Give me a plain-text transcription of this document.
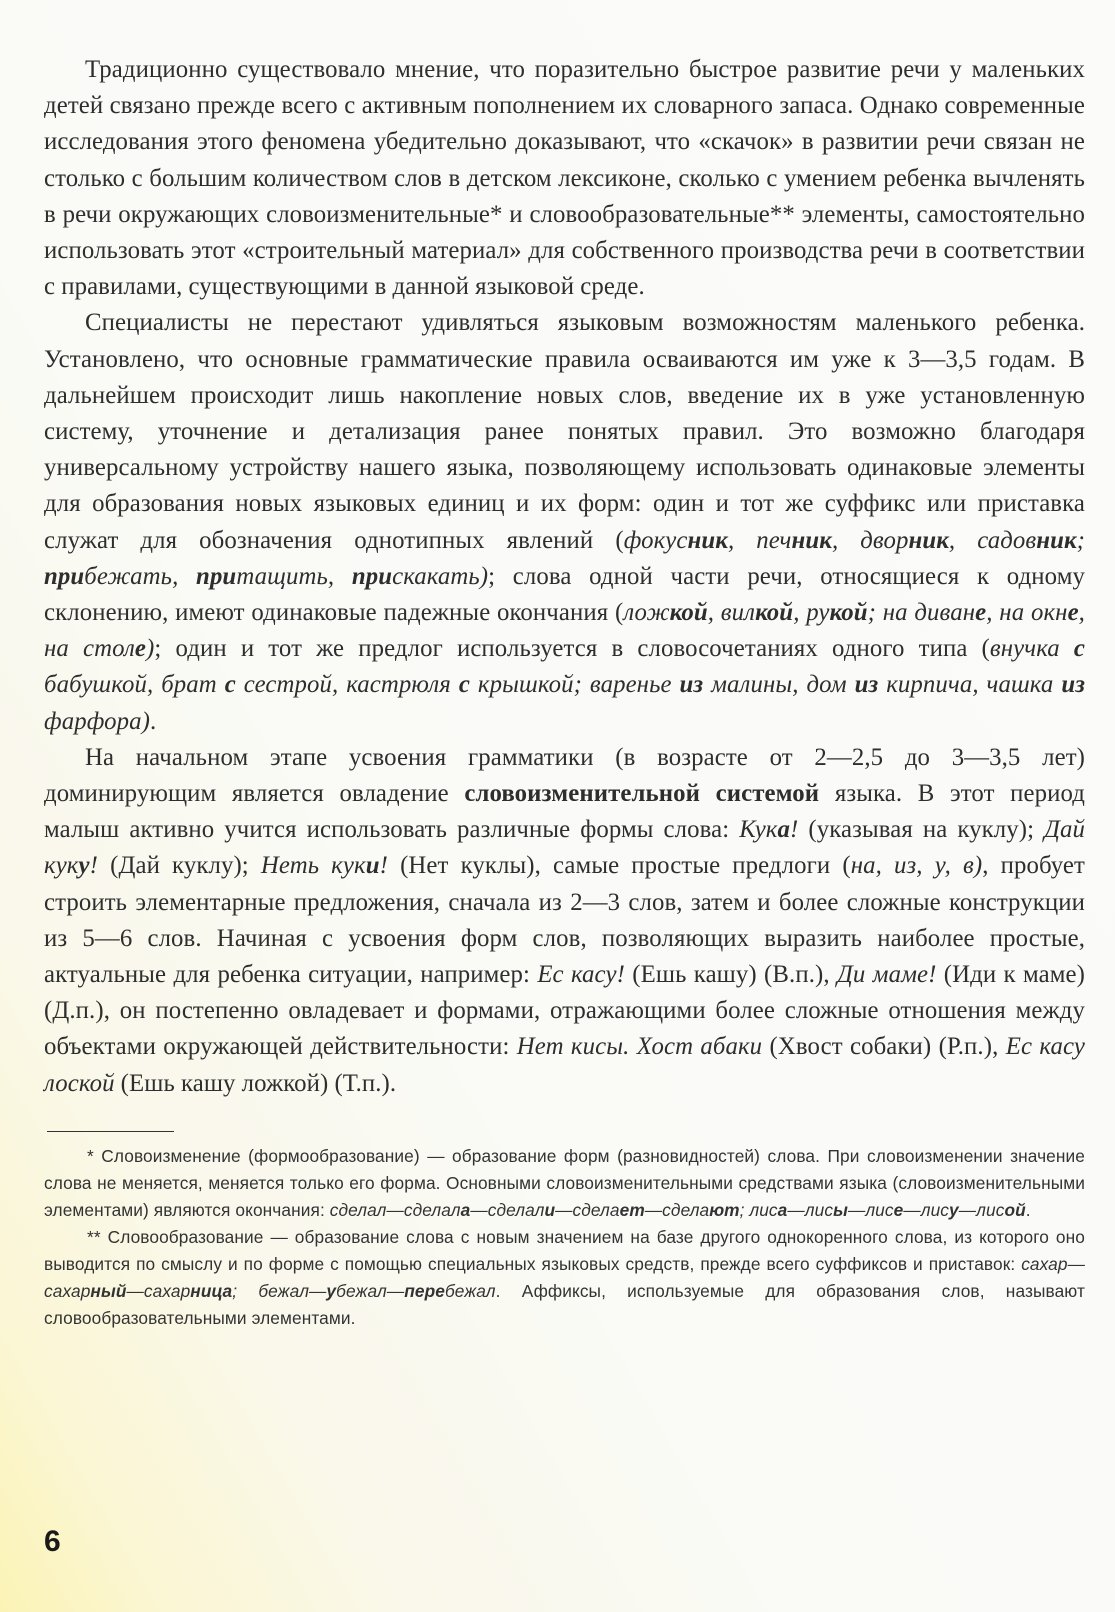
Традиционно существовало мнение, что поразительно быстрое развитие речи у маленьких детей связано прежде всего с активным пополнением их словарного запаса. Однако современные исследования этого феномена убедительно доказывают, что «скачок» в развитии речи связан не столько с большим количеством слов в детском лексиконе, сколько с умением ребенка вычленять в речи окружающих словоизменительные* и словообразовательные** элементы, самостоятельно использовать этот «строительный материал» для собственного производства речи в соответствии с правилами, существующими в данной языковой среде.

Специалисты не перестают удивляться языковым возможностям маленького ребенка. Установлено, что основные грамматические правила осваиваются им уже к 3—3,5 годам. В дальнейшем происходит лишь накопление новых слов, введение их в уже установленную систему, уточнение и детализация ранее понятых правил. Это возможно благодаря универсальному устройству нашего языка, позволяющему использовать одинаковые элементы для образования новых языковых единиц и их форм: один и тот же суффикс или приставка служат для обозначения однотипных явлений (фокусник, печник, дворник, садовник; прибежать, притащить, прискакать); слова одной части речи, относящиеся к одному склонению, имеют одинаковые падежные окончания (ложкой, вилкой, рукой; на диване, на окне, на столе); один и тот же предлог используется в словосочетаниях одного типа (внучка с бабушкой, брат с сестрой, кастрюля с крышкой; варенье из малины, дом из кирпича, чашка из фарфора).

На начальном этапе усвоения грамматики (в возрасте от 2—2,5 до 3—3,5 лет) доминирующим является овладение словоизменительной системой языка. В этот период малыш активно учится использовать различные формы слова: Кука! (указывая на куклу); Дай куку! (Дай куклу); Неть куки! (Нет куклы), самые простые предлоги (на, из, у, в), пробует строить элементарные предложения, сначала из 2—3 слов, затем и более сложные конструкции из 5—6 слов. Начиная с усвоения форм слов, позволяющих выразить наиболее простые, актуальные для ребенка ситуации, например: Ес касу! (Ешь кашу) (В.п.), Ди маме! (Иди к маме) (Д.п.), он постепенно овладевает и формами, отражающими более сложные отношения между объектами окружающей действительности: Нет кисы. Хост абаки (Хвост собаки) (Р.п.), Ес касу лоской (Ешь кашу ложкой) (Т.п.).

* Словоизменение (формообразование) — образование форм (разновидностей) слова. При словоизменении значение слова не меняется, меняется только его форма. Основными словоизменительными средствами языка (словоизменительными элементами) являются окончания: сделал—сделала—сделали—сделает—сделают; лиса—лисы—лисе—лису—лисой.

** Словообразование — образование слова с новым значением на базе другого однокоренного слова, из которого оно выводится по смыслу и по форме с помощью специальных языковых средств, прежде всего суффиксов и приставок: сахар—сахарный—сахарница; бежал—убежал—перебежал. Аффиксы, используемые для образования слов, называют словообразовательными элементами.

6
